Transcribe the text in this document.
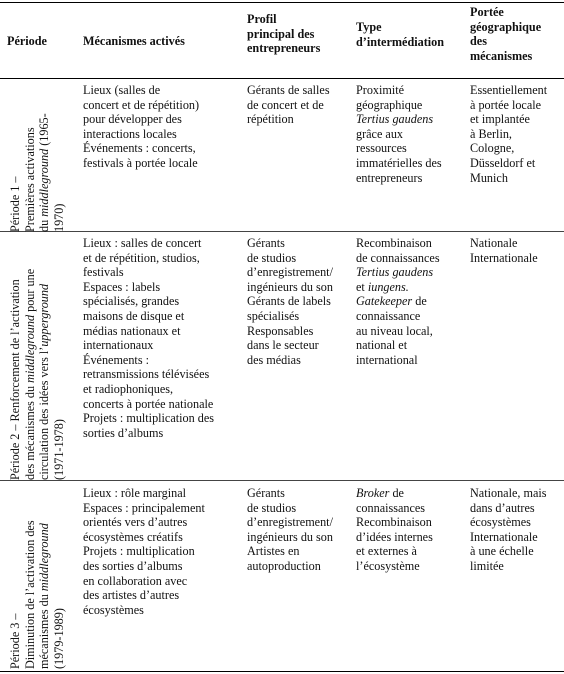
Période	Mécanismes activés
Profil
principal des
entrepreneurs
Type
d’intermédiation
Portée
géographique
des
mécanismes
Période 1 – Premières activations du middleground (1965-
1970)
Lieux (salles de
concert et de répétition)
pour développer des
interactions locales
Événements : concerts,
festivals à portée locale
Gérants de salles
de concert et de
répétition
Proximité
géographique
Tertius gaudens
grâce aux
ressources
immatérielles des
entrepreneurs
Essentiellement
à portée locale
et implantée
à Berlin,
Cologne,
Düsseldorf et
Munich
Période 2 – Renforcement de l’activation des mécanismes du middleground pour une
circulation des idées vers l’upperground
(1971-1978)
Lieux : salles de concert
et de répétition, studios,
festivals
Espaces : labels
spécialisés, grandes
maisons de disque et
médias nationaux et
internationaux
Événements :
retransmissions télévisées
et radiophoniques,
concerts à portée nationale
Projets : multiplication des
sorties d’albums
Gérants
de studios
d’enregistrement/
ingénieurs du son
Gérants de labels
spécialisés
Responsables
dans le secteur
des médias
Recombinaison
de connaissances
Tertius gaudens
et iungens.
Gatekeeper de
connaissance
au niveau local,
national et
international
Nationale
Internationale
Période 3 – Diminution de l’activation des mécanismes du middleground
(1979-1989)
Lieux : rôle marginal
Espaces : principalement
orientés vers d’autres
écosystèmes créatifs
Projets : multiplication
des sorties d’albums
en collaboration avec
des artistes d’autres
écosystèmes
Gérants
de studios
d’enregistrement/
ingénieurs du son
Artistes en
autoproduction
Broker de
connaissances
Recombinaison
d’idées internes
et externes à
l’écosystème
Nationale, mais
dans d’autres
écosystèmes
Internationale
à une échelle
limitée
